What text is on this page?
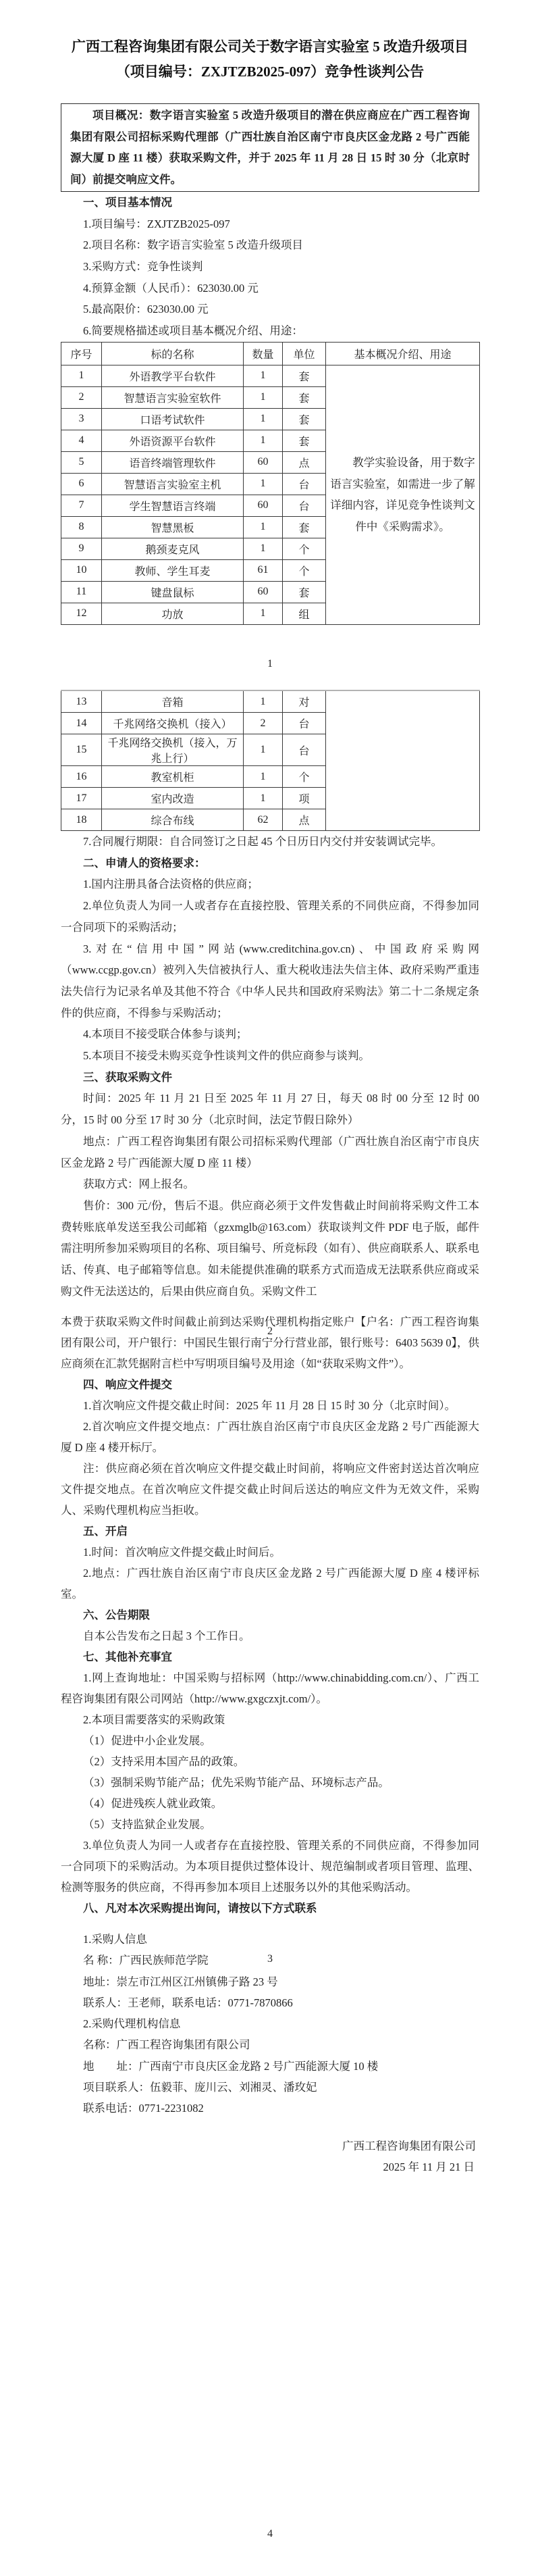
广西工程咨询集团有限公司关于数字语言实验室 5 改造升级项目
（项目编号：ZXJTZB2025-097）竞争性谈判公告
项目概况：数字语言实验室 5 改造升级项目的潜在供应商应在广西工程咨询集团有限公司招标采购代理部（广西壮族自治区南宁市良庆区金龙路 2 号广西能源大厦 D 座 11 楼）获取采购文件，并于 2025 年 11 月 28 日 15 时 30 分（北京时间）前提交响应文件。

一、项目基本情况

1.项目编号：ZXJTZB2025-097

2.项目名称：数字语言实验室 5 改造升级项目

3.采购方式：竞争性谈判

4.预算金额（人民币）：623030.00 元

5.最高限价：623030.00 元

6.简要规格描述或项目基本概况介绍、用途：

序号	标的名称	数量	单位	基本概况介绍、用途
1	外语教学平台软件	1	套	教学实验设备，用于数字语言实验室，如需进一步了解详细内容，详见竞争性谈判文件中《采购需求》。
2	智慧语言实验室软件	1	套	
3	口语考试软件	1	套	
4	外语资源平台软件	1	套	
5	语音终端管理软件	60	点	
6	智慧语言实验室主机	1	台	
7	学生智慧语言终端	60	台	
8	智慧黑板	1	套	
9	鹅颈麦克风	1	个	
10	教师、学生耳麦	61	个	
11	键盘鼠标	60	套	
12	功放	1	组	
1
13	音箱	1	对	
14	千兆网络交换机（接入）	2	台	
15	千兆网络交换机（接入，万兆上行）	1	台	
16	教室机柜	1	个	
17	室内改造	1	项	
18	综合布线	62	点	

7.合同履行期限：自合同签订之日起 45 个日历日内交付并安装调试完毕。

二、申请人的资格要求：

1.国内注册具备合法资格的供应商；

2.单位负责人为同一人或者存在直接控股、管理关系的不同供应商，不得参加同一合同项下的采购活动；

3.对在“信用中国”网站(www.creditchina.gov.cn)、中国政府采购网（www.ccgp.gov.cn）被列入失信被执行人、重大税收违法失信主体、政府采购严重违法失信行为记录名单及其他不符合《中华人民共和国政府采购法》第二十二条规定条件的供应商，不得参与采购活动；

4.本项目不接受联合体参与谈判；

5.本项目不接受未购买竞争性谈判文件的供应商参与谈判。

三、获取采购文件

时间：2025 年 11 月 21 日至 2025 年 11 月 27 日，每天 08 时 00 分至 12 时 00 分，15 时 00 分至 17 时 30 分（北京时间，法定节假日除外）

地点：广西工程咨询集团有限公司招标采购代理部（广西壮族自治区南宁市良庆区金龙路 2 号广西能源大厦 D 座 11 楼）

获取方式：网上报名。

售价：300 元/份，售后不退。供应商必须于文件发售截止时间前将采购文件工本费转账底单发送至我公司邮箱（gzxmglb@163.com）获取谈判文件 PDF 电子版，邮件需注明所参加采购项目的名称、项目编号、所竞标段（如有）、供应商联系人、联系电话、传真、电子邮箱等信息。如未能提供准确的联系方式而造成无法联系供应商或采购文件无法送达的，后果由供应商自负。采购文件工

2

本费于获取采购文件时间截止前到达采购代理机构指定账户【户名：广西工程咨询集团有限公司，开户银行：中国民生银行南宁分行营业部，银行账号：6403 5639 0】，供应商须在汇款凭据附言栏中写明项目编号及用途（如“获取采购文件”）。

四、响应文件提交

1.首次响应文件提交截止时间：2025 年 11 月 28 日 15 时 30 分（北京时间）。

2.首次响应文件提交地点：广西壮族自治区南宁市良庆区金龙路 2 号广西能源大厦 D 座 4 楼开标厅。

注：供应商必须在首次响应文件提交截止时间前，将响应文件密封送达首次响应文件提交地点。在首次响应文件提交截止时间后送达的响应文件为无效文件，采购人、采购代理机构应当拒收。

五、开启

1.时间：首次响应文件提交截止时间后。

2.地点：广西壮族自治区南宁市良庆区金龙路 2 号广西能源大厦 D 座 4 楼评标室。

六、公告期限

自本公告发布之日起 3 个工作日。

七、其他补充事宜

1.网上查询地址：中国采购与招标网（http://www.chinabidding.com.cn/）、广西工程咨询集团有限公司网站（http://www.gxgczxjt.com/）。

2.本项目需要落实的采购政策

（1）促进中小企业发展。

（2）支持采用本国产品的政策。

（3）强制采购节能产品；优先采购节能产品、环境标志产品。

（4）促进残疾人就业政策。

（5）支持监狱企业发展。

3.单位负责人为同一人或者存在直接控股、管理关系的不同供应商，不得参加同一合同项下的采购活动。为本项目提供过整体设计、规范编制或者项目管理、监理、检测等服务的供应商，不得再参加本项目上述服务以外的其他采购活动。

八、凡对本次采购提出询问，请按以下方式联系

3

1.采购人信息

名 称：广西民族师范学院

地址：崇左市江州区江州镇佛子路 23 号

联系人：王老师，联系电话：0771-7870866

2.采购代理机构信息

名称：广西工程咨询集团有限公司

地　　址：广西南宁市良庆区金龙路 2 号广西能源大厦 10 楼

项目联系人：伍毅菲、庞川云、刘湘灵、潘玫妃

联系电话：0771-2231082

广西工程咨询集团有限公司

2025 年 11 月 21 日

4
